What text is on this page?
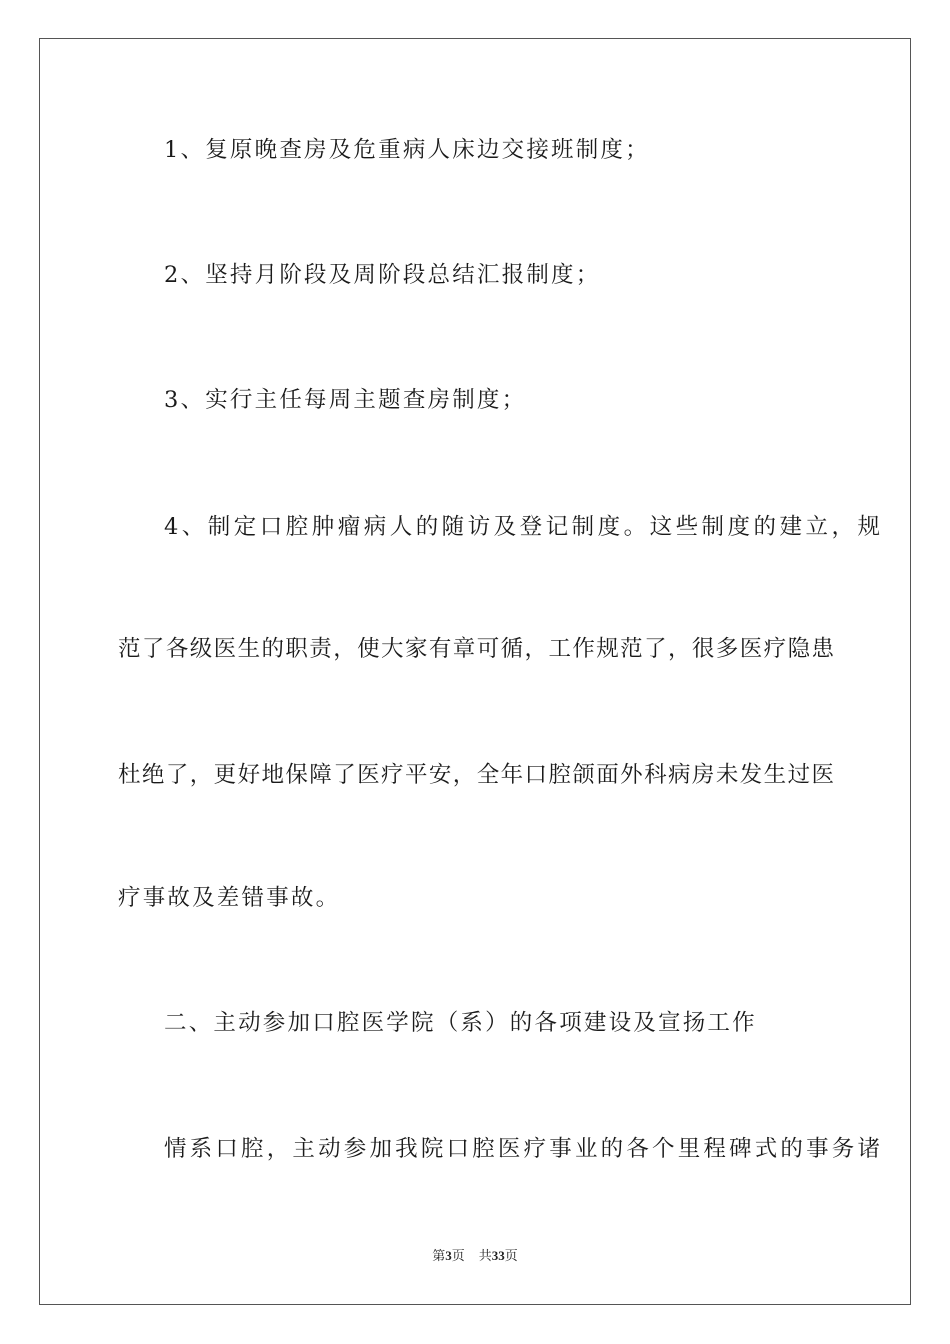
1、复原晚查房及危重病人床边交接班制度；
2、坚持月阶段及周阶段总结汇报制度；
3、实行主任每周主题查房制度；
4、制定口腔肿瘤病人的随访及登记制度。这些制度的建立，规
范了各级医生的职责，使大家有章可循，工作规范了，很多医疗隐患
杜绝了，更好地保障了医疗平安，全年口腔颌面外科病房未发生过医
疗事故及差错事故。
二、主动参加口腔医学院（系）的各项建设及宣扬工作
情系口腔，主动参加我院口腔医疗事业的各个里程碑式的事务诸
第3页 共33页
